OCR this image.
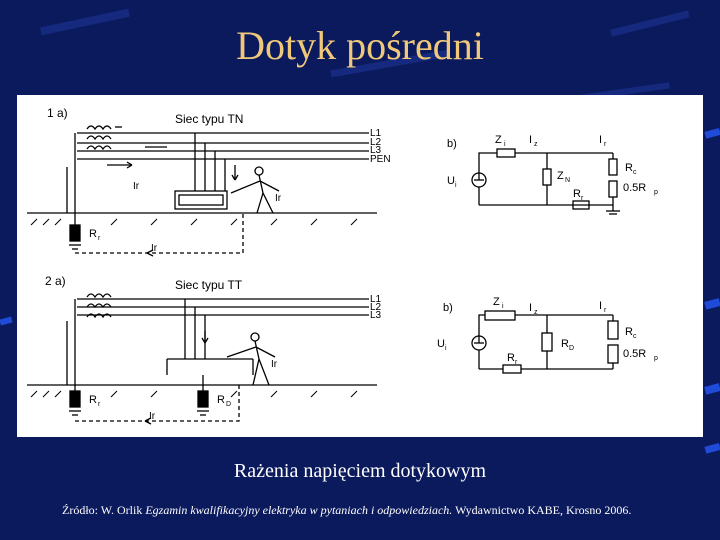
Dotyk pośredni
1 a)	Siec typu TN
L1
L2
L3
PEN
Ir
Ir
R r
Ir
b)	Z i I z	I r
U i
Z N
R r
R c
0.5R p
2 a)	Siec typu TT
L1
L2
L3
Ir
R r	R D
Ir
b)	Z i I z
I r
U i
R r
R D
R c
0.5R p
Rażenia napięciem dotykowym
Źródło: W. Orlik Egzamin kwalifikacyjny elektryka w pytaniach i odpowiedziach. Wydawnictwo KABE, Krosno 2006.
